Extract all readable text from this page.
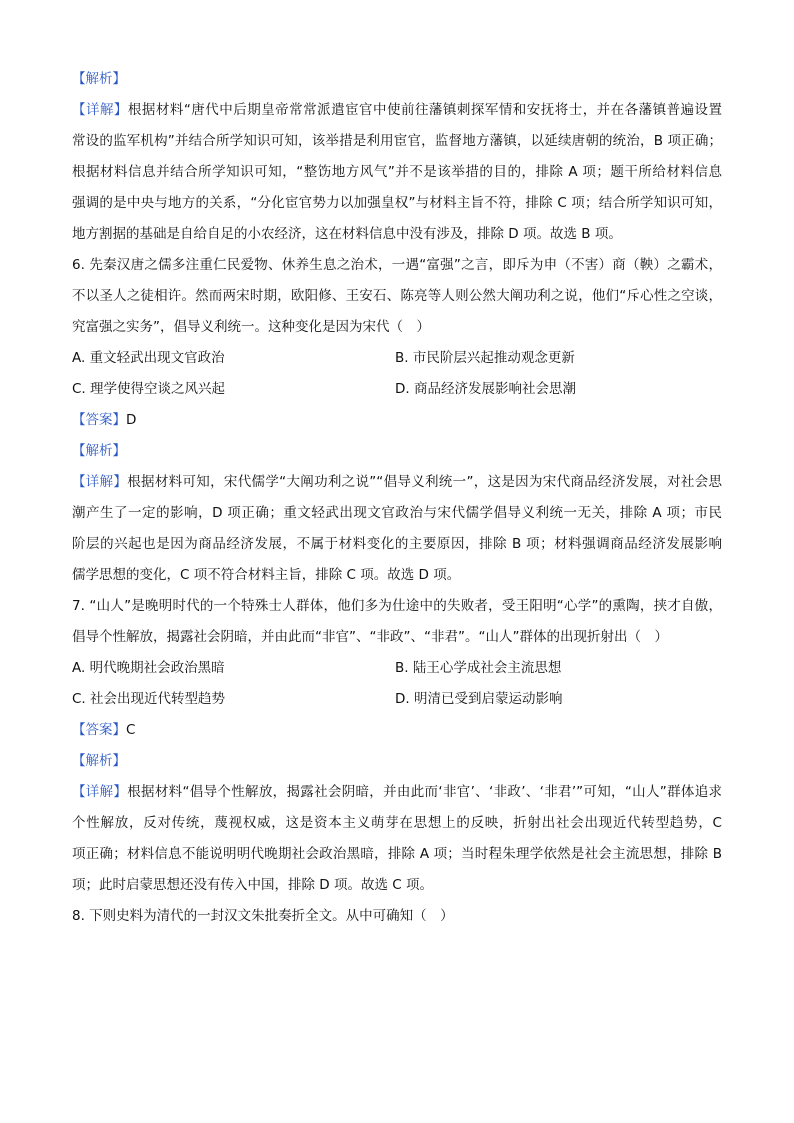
【解析】
【详解】根据材料“唐代中后期皇帝常常派遣宦官中使前往藩镇刺探军情和安抚将士，并在各藩镇普遍设置
常设的监军机构”并结合所学知识可知，该举措是利用宦官，监督地方藩镇，以延续唐朝的统治，B 项正确；
根据材料信息并结合所学知识可知，“整饬地方风气”并不是该举措的目的，排除 A 项；题干所给材料信息
强调的是中央与地方的关系，“分化宦官势力以加强皇权”与材料主旨不符，排除 C 项；结合所学知识可知，
地方割据的基础是自给自足的小农经济，这在材料信息中没有涉及，排除 D 项。故选 B 项。
6. 先秦汉唐之儒多注重仁民爱物、休养生息之治术，一遇“富强”之言，即斥为申（不害）商（鞅）之霸术，
不以圣人之徒相许。然而两宋时期，欧阳修、王安石、陈亮等人则公然大阐功利之说，他们“斥心性之空谈，
究富强之实务”，倡导义利统一。这种变化是因为宋代（　）
A. 重文轻武出现文官政治	B. 市民阶层兴起推动观念更新
C. 理学使得空谈之风兴起	D. 商品经济发展影响社会思潮
【答案】D
【解析】
【详解】根据材料可知，宋代儒学“大阐功利之说”“倡导义利统一”，这是因为宋代商品经济发展，对社会思
潮产生了一定的影响，D 项正确；重文轻武出现文官政治与宋代儒学倡导义利统一无关，排除 A 项；市民
阶层的兴起也是因为商品经济发展，不属于材料变化的主要原因，排除 B 项；材料强调商品经济发展影响
儒学思想的变化，C 项不符合材料主旨，排除 C 项。故选 D 项。
7. “山人”是晚明时代的一个特殊士人群体，他们多为仕途中的失败者，受王阳明“心学”的熏陶，挟才自傲，
倡导个性解放，揭露社会阴暗，并由此而“非官”、“非政”、“非君”。“山人”群体的出现折射出（　）
A. 明代晚期社会政治黑暗	B. 陆王心学成社会主流思想
C. 社会出现近代转型趋势	D. 明清已受到启蒙运动影响
【答案】C
【解析】
【详解】根据材料“倡导个性解放，揭露社会阴暗，并由此而‘非官’、‘非政’、‘非君’”可知，“山人”群体追求
个性解放，反对传统，蔑视权威，这是资本主义萌芽在思想上的反映，折射出社会出现近代转型趋势，C
项正确；材料信息不能说明明代晚期社会政治黑暗，排除 A 项；当时程朱理学依然是社会主流思想，排除 B
项；此时启蒙思想还没有传入中国，排除 D 项。故选 C 项。
8. 下则史料为清代的一封汉文朱批奏折全文。从中可确知（　）
